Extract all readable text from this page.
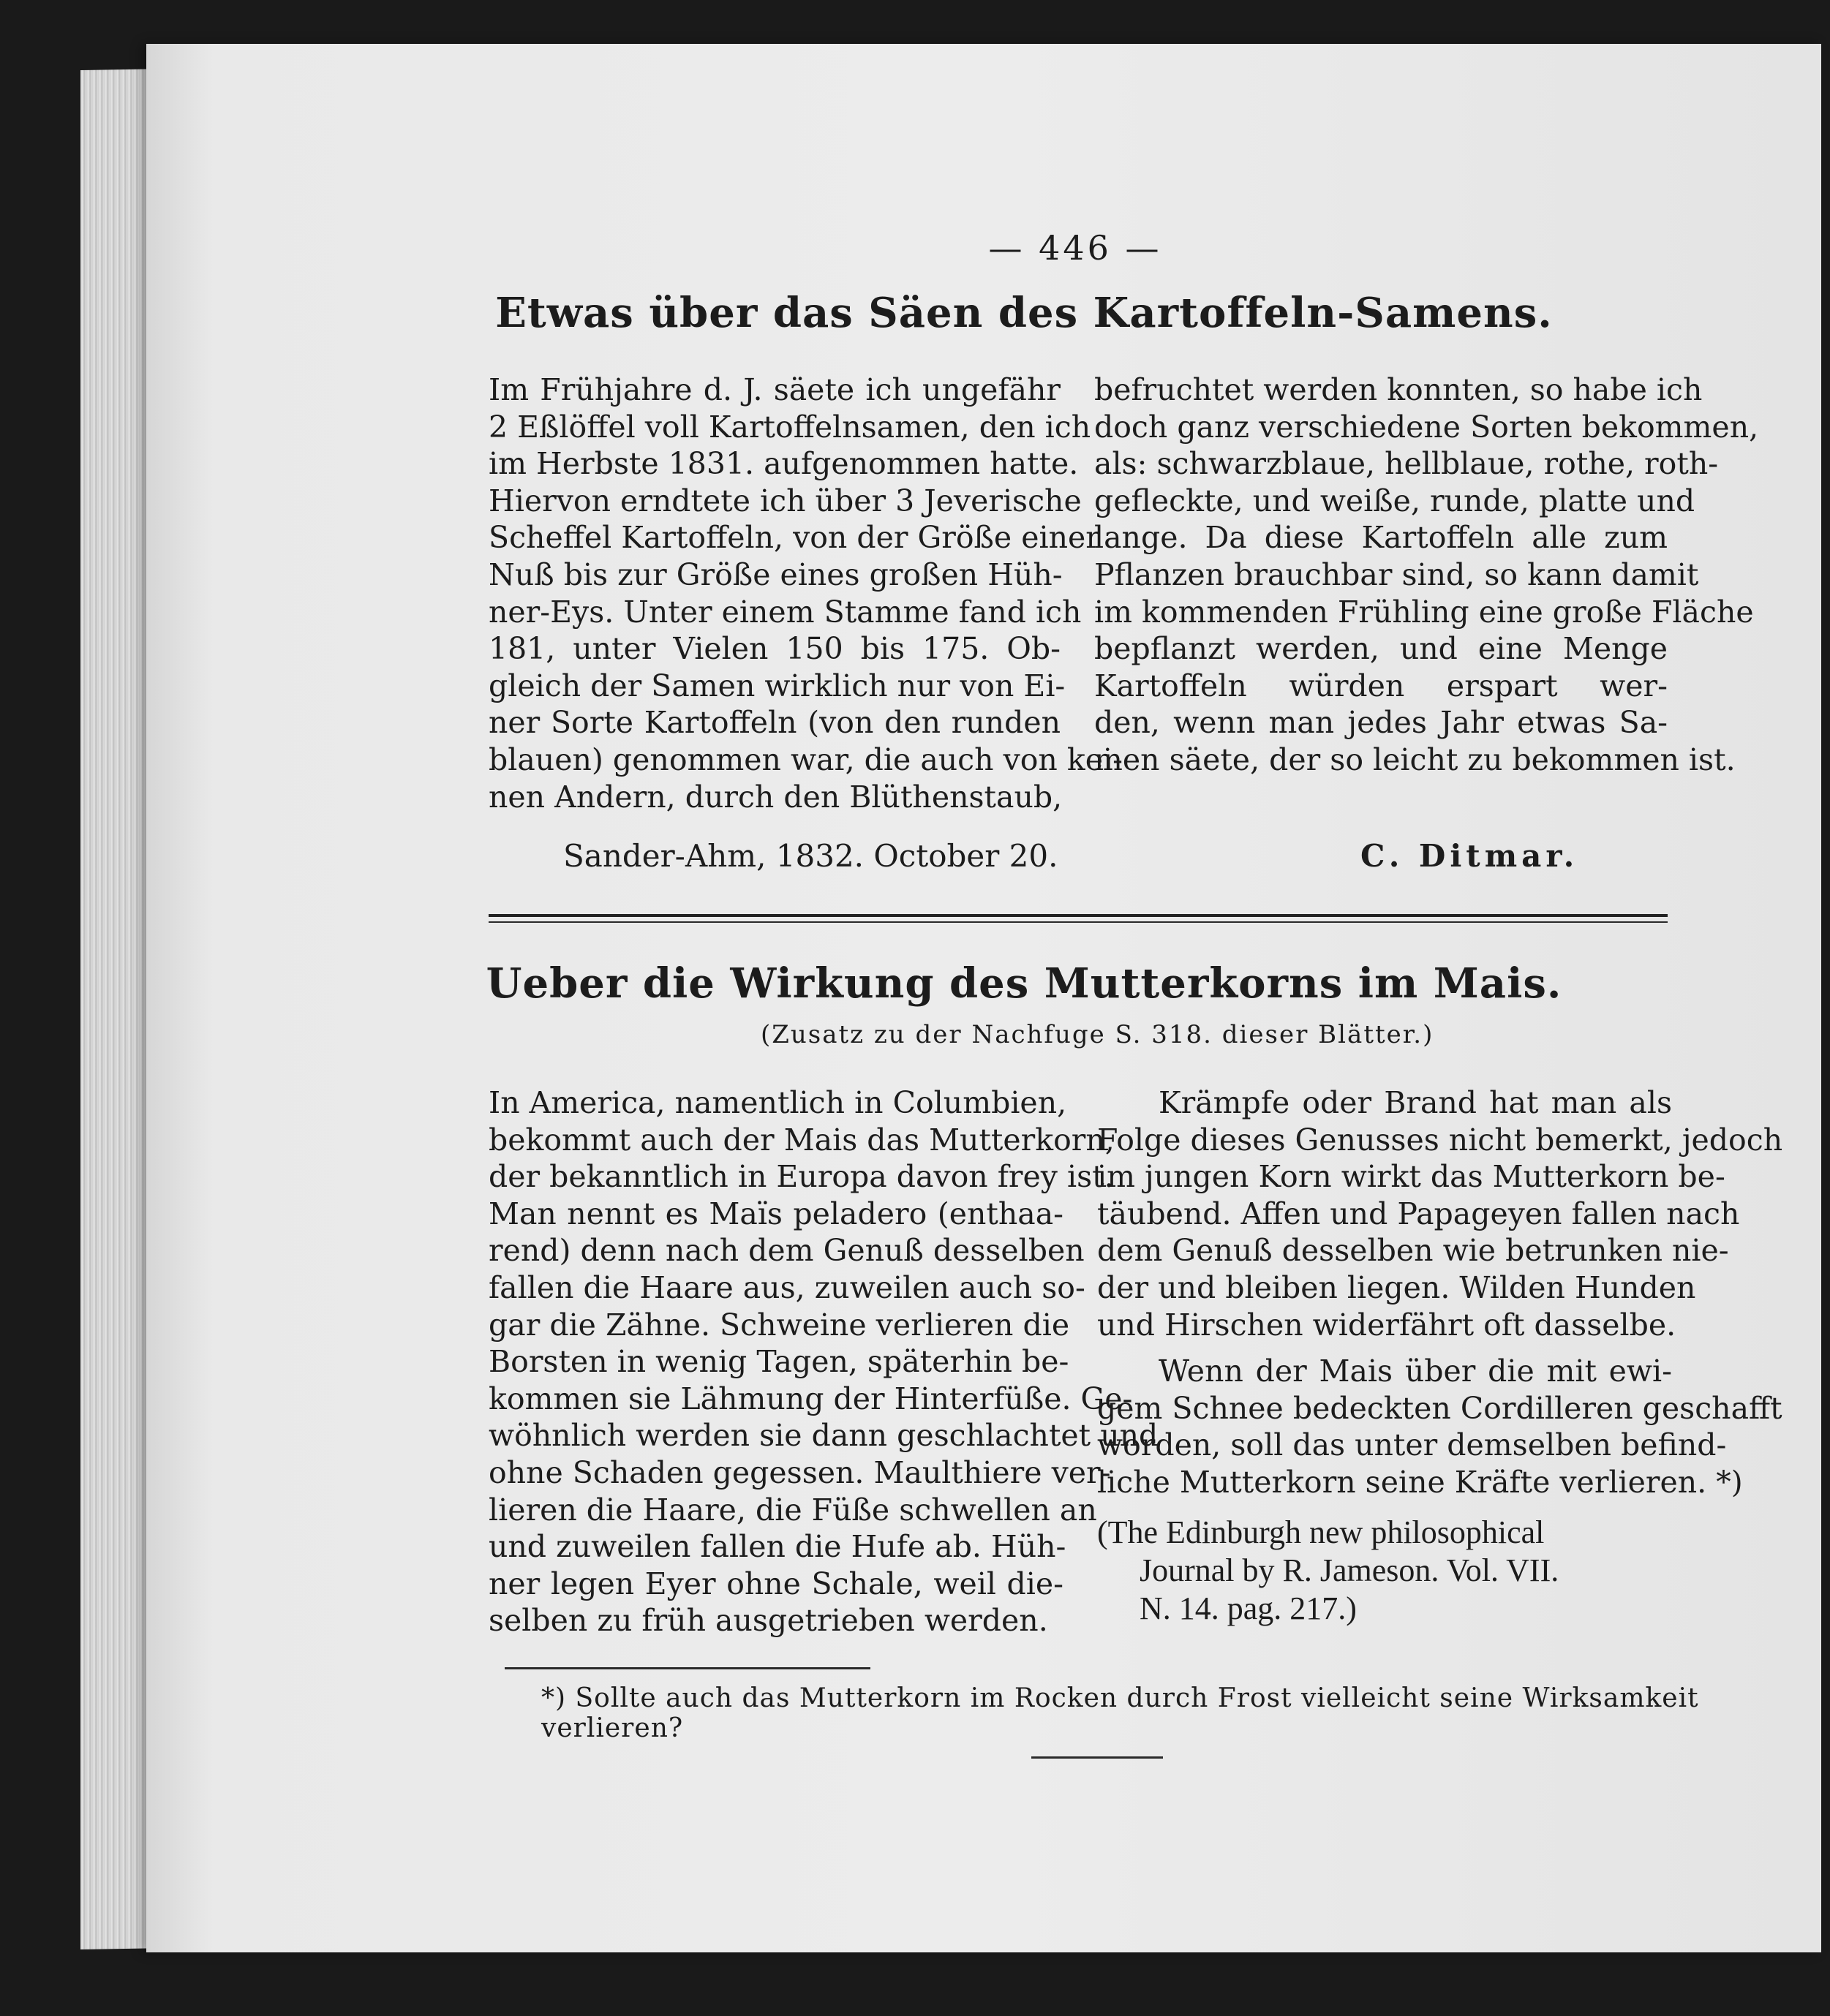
— 446 —
Etwas über das Säen des Kartoffeln-Samens.
Im Frühjahre d. J. säete ich ungefähr
2 Eßlöffel voll Kartoffelnsamen, den ich
im Herbste 1831. aufgenommen hatte.
Hiervon erndtete ich über 3 Jeverische
Scheffel Kartoffeln, von der Größe einer
Nuß bis zur Größe eines großen Hüh-
ner-Eys. Unter einem Stamme fand ich
181, unter Vielen 150 bis 175. Ob-
gleich der Samen wirklich nur von Ei-
ner Sorte Kartoffeln (von den runden
blauen) genommen war, die auch von kei-
nen Andern, durch den Blüthenstaub,
befruchtet werden konnten, so habe ich
doch ganz verschiedene Sorten bekommen,
als: schwarzblaue, hellblaue, rothe, roth-
gefleckte, und weiße, runde, platte und
lange. Da diese Kartoffeln alle zum
Pflanzen brauchbar sind, so kann damit
im kommenden Frühling eine große Fläche
bepflanzt werden, und eine Menge
Kartoffeln würden erspart wer-
den, wenn man jedes Jahr etwas Sa-
men säete, der so leicht zu bekommen ist.
Sander-Ahm, 1832. October 20.	C. Ditmar.
Ueber die Wirkung des Mutterkorns im Mais.
(Zusatz zu der Nachfuge S. 318. dieser Blätter.)
In America, namentlich in Columbien,
bekommt auch der Mais das Mutterkorn,
der bekanntlich in Europa davon frey ist.
Man nennt es Maïs peladero (enthaa-
rend) denn nach dem Genuß desselben
fallen die Haare aus, zuweilen auch so-
gar die Zähne. Schweine verlieren die
Borsten in wenig Tagen, späterhin be-
kommen sie Lähmung der Hinterfüße. Ge-
wöhnlich werden sie dann geschlachtet und
ohne Schaden gegessen. Maulthiere ver-
lieren die Haare, die Füße schwellen an
und zuweilen fallen die Hufe ab. Hüh-
ner legen Eyer ohne Schale, weil die-
selben zu früh ausgetrieben werden.
Krämpfe oder Brand hat man als
Folge dieses Genusses nicht bemerkt, jedoch
im jungen Korn wirkt das Mutterkorn be-
täubend. Affen und Papageyen fallen nach
dem Genuß desselben wie betrunken nie-
der und bleiben liegen. Wilden Hunden
und Hirschen widerfährt oft dasselbe.
Wenn der Mais über die mit ewi-
gem Schnee bedeckten Cordilleren geschafft
worden, soll das unter demselben befind-
liche Mutterkorn seine Kräfte verlieren. *)
(The Edinburgh new philosophical
Journal by R. Jameson. Vol. VII.
N. 14. pag. 217.)
*) Sollte auch das Mutterkorn im Rocken durch Frost vielleicht seine Wirksamkeit verlieren?
